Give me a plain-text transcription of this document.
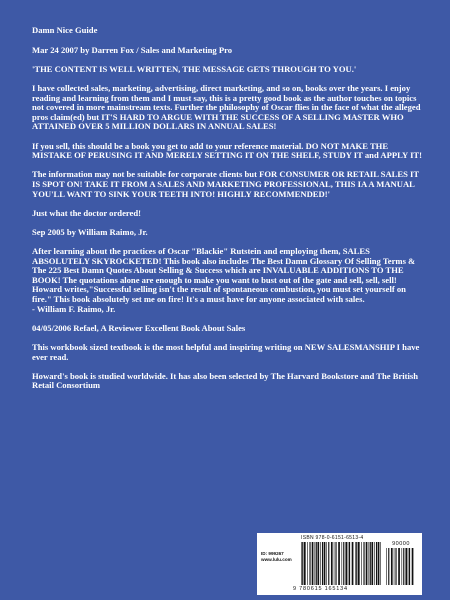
Damn Nice Guide

Mar 24 2007 by Darren Fox / Sales and Marketing Pro

'THE CONTENT IS WELL WRITTEN, THE MESSAGE GETS THROUGH TO YOU.'

I have collected sales, marketing, advertising, direct marketing, and so on, books over the years. I enjoy reading and learning from them and I must say, this is a pretty good book as the author touches on topics not covered in more mainstream texts. Further the philosophy of Oscar flies in the face of what the alleged pros claim(ed) but IT'S HARD TO ARGUE WITH THE SUCCESS OF A SELLING MASTER WHO ATTAINED OVER 5 MILLION DOLLARS IN ANNUAL SALES!

If you sell, this should be a book you get to add to your reference material. DO NOT MAKE THE MISTAKE OF PERUSING IT AND MERELY SETTING IT ON THE SHELF, STUDY IT and APPLY IT!

The information may not be suitable for corporate clients but FOR CONSUMER OR RETAIL SALES IT IS SPOT ON! TAKE IT FROM A SALES AND MARKETING PROFESSIONAL, THIS IA A MANUAL YOU'LL WANT TO SINK YOUR TEETH INTO! HIGHLY RECOMMENDED!'

Just what the doctor ordered!

Sep 2005 by William Raimo, Jr.

After learning about the practices of Oscar "Blackie" Rutstein and employing them, SALES ABSOLUTELY SKYROCKETED! This book also includes The Best Damn Glossary Of Selling Terms & The 225 Best Damn Quotes About Selling & Success which are INVALUABLE ADDITIONS TO THE BOOK! The quotations alone are enough to make you want to bust out of the gate and sell, sell, sell! Howard writes,"Successful selling isn't the result of spontaneous combustion, you must set yourself on fire." This book absolutely set me on fire! It's a must have for anyone associated with sales.
- William F. Raimo, Jr.

04/05/2006 Refael, A Reviewer Excellent Book About Sales

This workbook sized textbook is the most helpful and inspiring writing on NEW SALESMANSHIP I have ever read.

Howard's book is studied worldwide. It has also been selected by The Harvard Bookstore and The British Retail Consortium

ID: 999267
www.lulu.com
ISBN 978-0-6151-6513-4
90000
9 780615 165134
